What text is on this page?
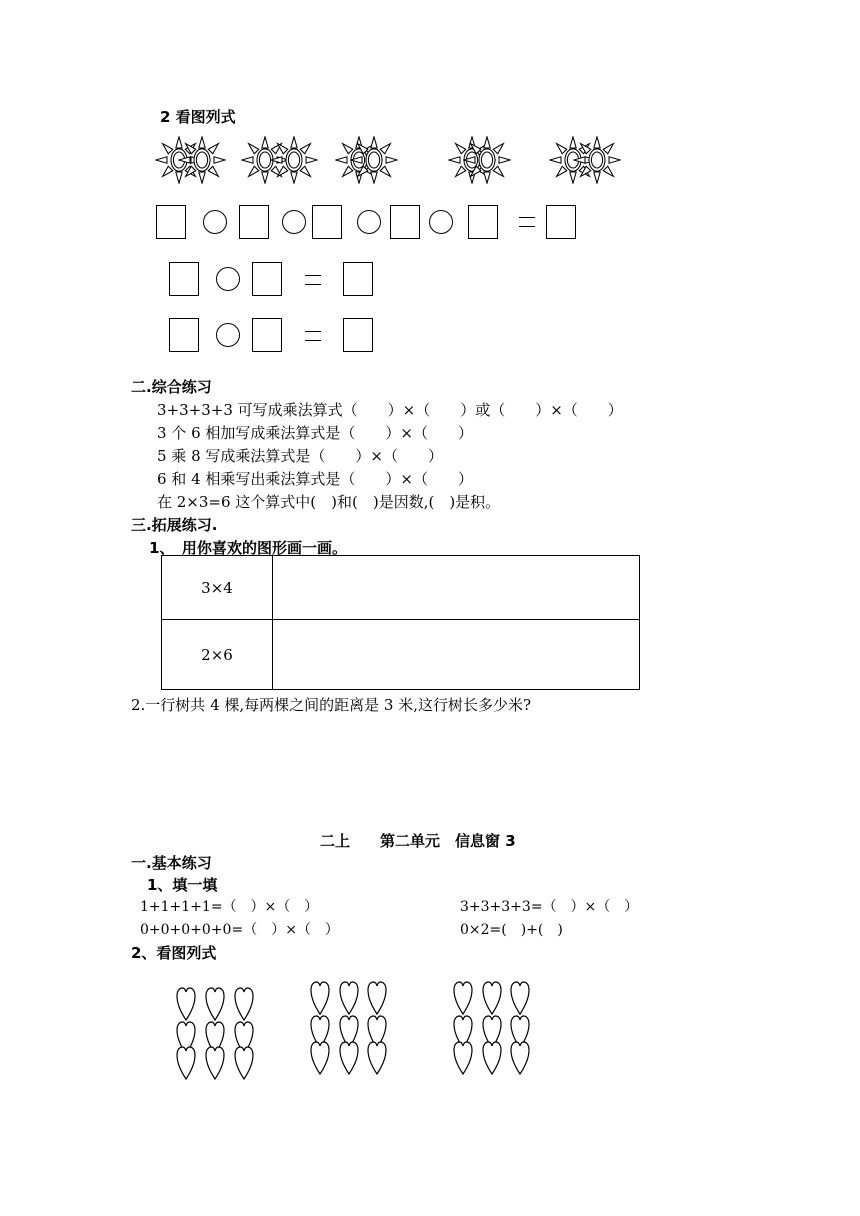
2 看图列式
二.综合练习
3+3+3+3 可写成乘法算式（　　）×（　　）或（　　）×（　　）
3 个 6 相加写成乘法算式是（　　）×（　　）
5 乘 8 写成乘法算式是（　　）×（　　）
6 和 4 相乘写出乘法算式是（　　）×（　　）
在 2×3=6 这个算式中(　)和(　)是因数,(　)是积。
三.拓展练习.
1、　用你喜欢的图形画一画。
3×4	
2×6	
2.一行树共 4 棵,每两棵之间的距离是 3 米,这行树长多少米?
二上　　第二单元　信息窗 3
一.基本练习
1、填一填
1+1+1+1=（　）×（　）
0+0+0+0+0=（　）×（　）
3+3+3+3=（　）×（　）
0×2=(　)+(　)
2、看图列式
